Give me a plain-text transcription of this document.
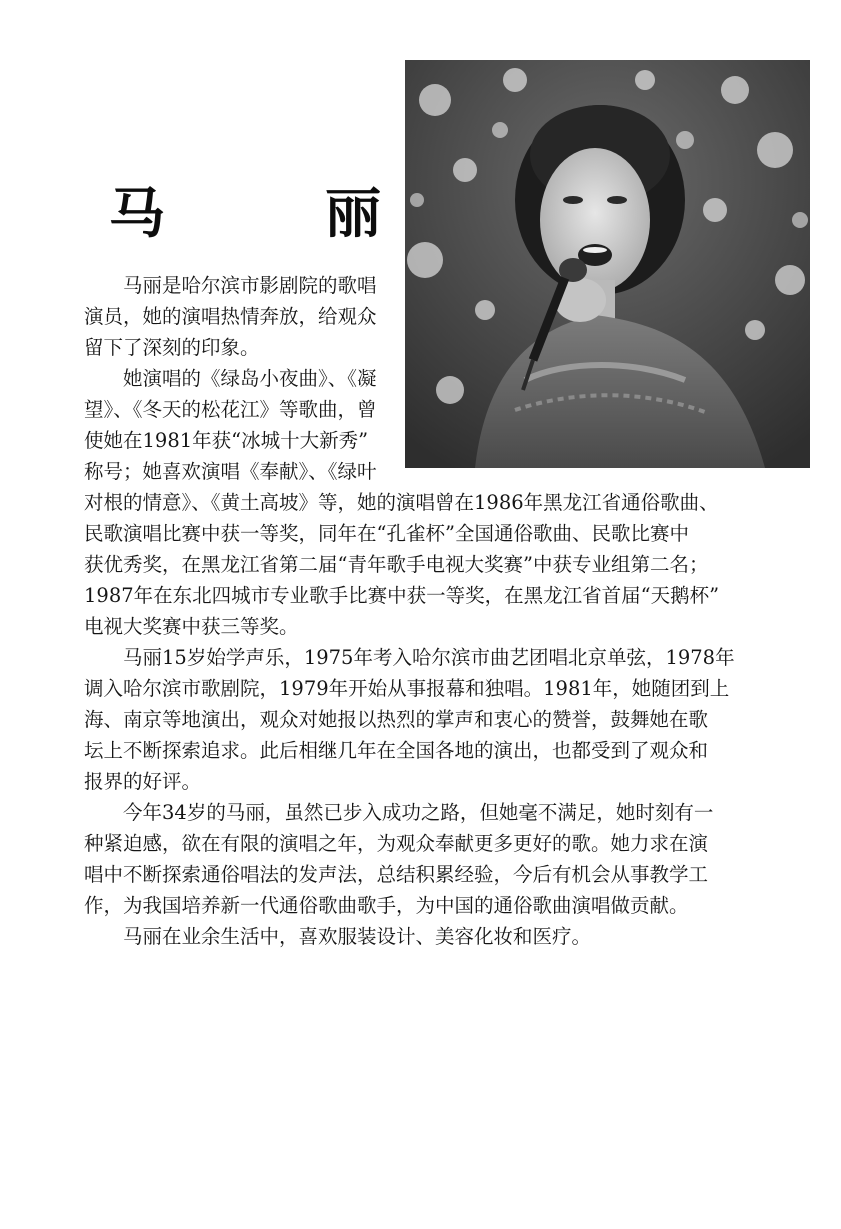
马	丽
马丽是哈尔滨市影剧院的歌唱
演员，她的演唱热情奔放，给观众
留下了深刻的印象。
她演唱的《绿岛小夜曲》、《凝
望》、《冬天的松花江》等歌曲，曾
使她在1981年获“冰城十大新秀”
称号；她喜欢演唱《奉献》、《绿叶
对根的情意》、《黄土高坡》等，她的演唱曾在1986年黑龙江省通俗歌曲、
民歌演唱比赛中获一等奖，同年在“孔雀杯”全国通俗歌曲、民歌比赛中
获优秀奖，在黑龙江省第二届“青年歌手电视大奖赛”中获专业组第二名；
1987年在东北四城市专业歌手比赛中获一等奖，在黑龙江省首届“天鹅杯”
电视大奖赛中获三等奖。
马丽15岁始学声乐，1975年考入哈尔滨市曲艺团唱北京单弦，1978年
调入哈尔滨市歌剧院，1979年开始从事报幕和独唱。1981年，她随团到上
海、南京等地演出，观众对她报以热烈的掌声和衷心的赞誉，鼓舞她在歌
坛上不断探索追求。此后相继几年在全国各地的演出，也都受到了观众和
报界的好评。
今年34岁的马丽，虽然已步入成功之路，但她毫不满足，她时刻有一
种紧迫感，欲在有限的演唱之年，为观众奉献更多更好的歌。她力求在演
唱中不断探索通俗唱法的发声法，总结积累经验，今后有机会从事教学工
作，为我国培养新一代通俗歌曲歌手，为中国的通俗歌曲演唱做贡献。
马丽在业余生活中，喜欢服装设计、美容化妆和医疗。
